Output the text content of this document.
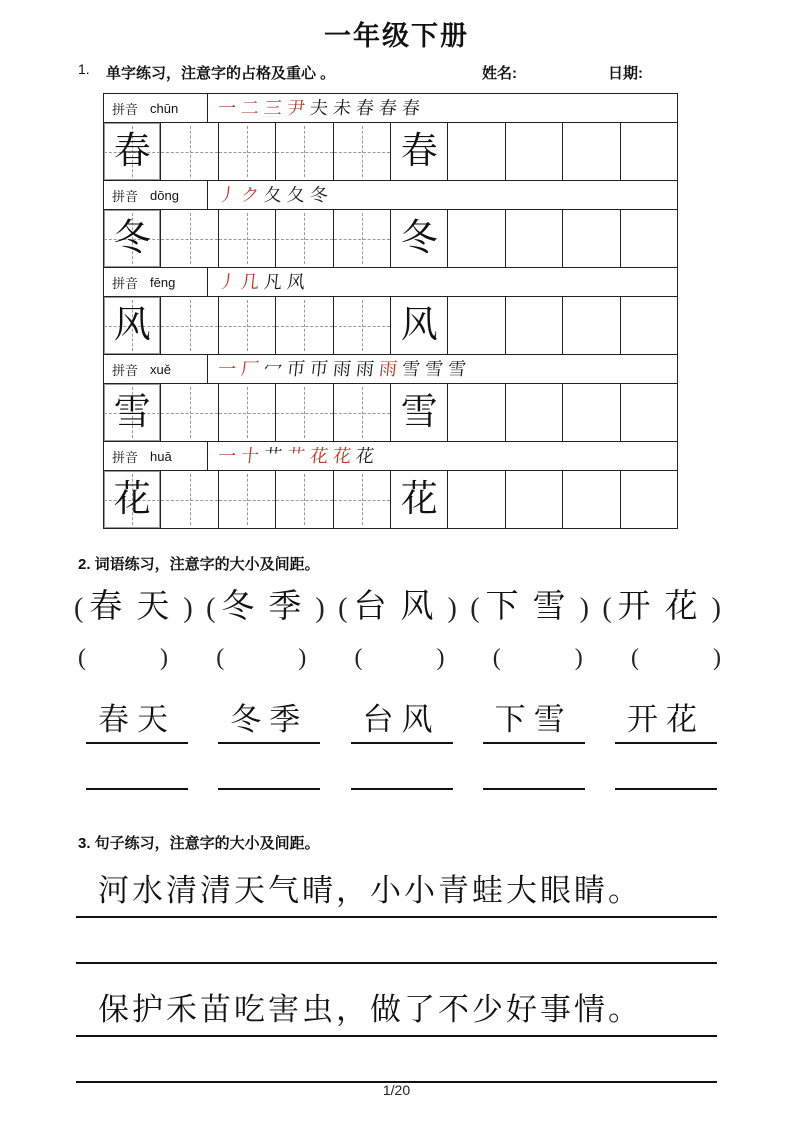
一年级下册
1. 单字练习，注意字的占格及重心 。	姓名:	日期:
拼音 chūn 一 二 三 尹 夫 未 春 春 春
春	春
拼音 dōng 丿 ク 夂 夂 冬
冬	冬
拼音 fēng 丿 几 凡 风
风	风
拼音 xuě	一 厂 冖 帀 帀 雨 雨 雨 雪 雪 雪
雪	雪
拼音 huā	一 十 艹 艹 花 花 花
花	花
2. 词语练习，注意字的大小及间距。
( 春天) ( 冬季) ( 台风) ( 下雪) ( 开花)
(	) (	) (	) (	) (	)
春天	冬季	台风	下雪	开花
3. 句子练习，注意字的大小及间距。
河水清清天气晴，小小青蛙大眼睛。
保护禾苗吃害虫，做了不少好事情。
1/20
